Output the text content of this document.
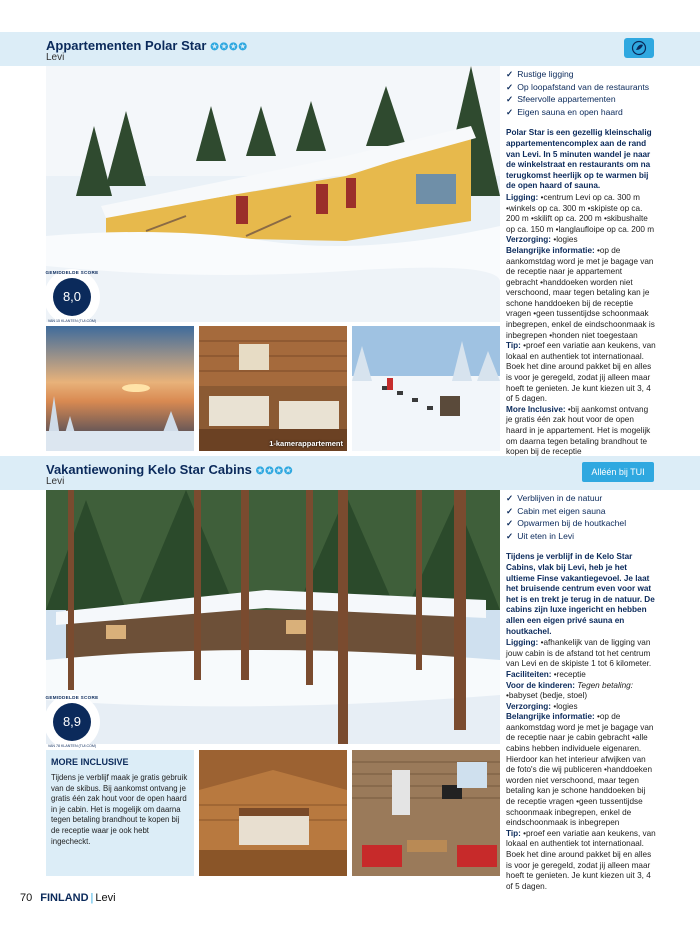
Appartementen Polar Star ✪✪✪✪
Levi
GEMIDDELDE SCORE
8,0
VAN 15 KLANTEN (TUI.COM)
1-kamerappartement
✓ Rustige ligging
✓ Op loopafstand van de restaurants
✓ Sfeervolle appartementen
✓ Eigen sauna en open haard

Polar Star is een gezellig kleinschalig appartementencomplex aan de rand van Levi. In 5 minuten wandel je naar de winkelstraat en restaurants om na terugkomst heerlijk op te warmen bij de open haard of sauna.

Ligging: •centrum Levi op ca. 300 m •winkels op ca. 300 m •skipiste op ca. 200 m •skilift op ca. 200 m •skibushalte op ca. 150 m •langlaufloipe op ca. 200 m

Verzorging: •logies

Belangrijke informatie: •op de aankomstdag word je met je bagage van de receptie naar je appartement gebracht •handdoeken worden niet verschoond, maar tegen betaling kan je schone handdoeken bij de receptie vragen •geen tussentijdse schoonmaak inbegrepen, enkel de eindschoonmaak is inbegrepen •honden niet toegestaan

Tip: •proef een variatie aan keukens, van lokaal en authentiek tot internationaal. Boek het dine around pakket bij en alles is voor je geregeld, zodat jij alleen maar hoeft te genieten. Je kunt kiezen uit 3, 4 of 5 dagen.

More Inclusive: •bij aankomst ontvang je gratis één zak hout voor de open haard in je appartement. Het is mogelijk om daarna tegen betaling brandhout te kopen bij de receptie

Vakantiewoning Kelo Star Cabins ✪✪✪✪
Levi
Alléén bij TUI
GEMIDDELDE SCORE
8,9
VAN 78 KLANTEN (TUI.COM)
MORE INCLUSIVE
Tijdens je verblijf maak je gratis gebruik van de skibus. Bij aankomst ontvang je gratis één zak hout voor de open haard in je cabin. Het is mogelijk om daarna tegen betaling brandhout te kopen bij de receptie waar je ook hebt ingecheckt.
✓ Verblijven in de natuur
✓ Cabin met eigen sauna
✓ Opwarmen bij de houtkachel
✓ Uit eten in Levi

Tijdens je verblijf in de Kelo Star Cabins, vlak bij Levi, heb je het ultieme Finse vakantiegevoel. Je laat het bruisende centrum even voor wat het is en trekt je terug in de natuur. De cabins zijn luxe ingericht en hebben allen een eigen privé sauna en houtkachel.

Ligging: •afhankelijk van de ligging van jouw cabin is de afstand tot het centrum van Levi en de skipiste 1 tot 6 kilometer.

Faciliteiten: •receptie

Voor de kinderen: Tegen betaling: •babyset (bedje, stoel)

Verzorging: •logies

Belangrijke informatie: •op de aankomstdag word je met je bagage van de receptie naar je cabin gebracht •alle cabins hebben individuele eigenaren. Hierdoor kan het interieur afwijken van de foto's die wij publiceren •handdoeken worden niet verschoond, maar tegen betaling kan je schone handdoeken bij de receptie vragen •geen tussentijdse schoonmaak inbegrepen, enkel de eindschoonmaak is inbegrepen

Tip: •proef een variatie aan keukens, van lokaal en authentiek tot internationaal. Boek het dine around pakket bij en alles is voor je geregeld, zodat jij alleen maar hoeft te genieten. Je kunt kiezen uit 3, 4 of 5 dagen.

70 FINLAND | Levi
